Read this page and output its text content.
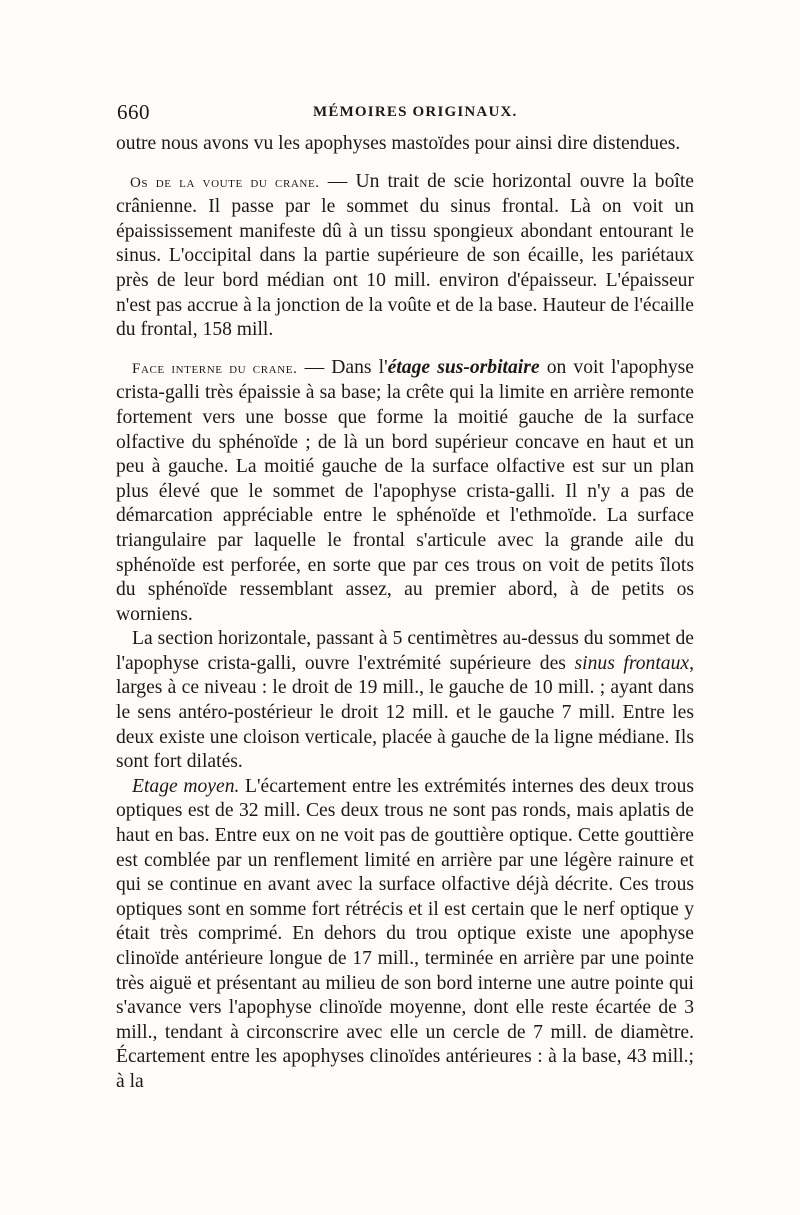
660	MÉMOIRES ORIGINAUX.

outre nous avons vu les apophyses mastoïdes pour ainsi dire distendues.

Os de la voute du crane. — Un trait de scie horizontal ouvre la boîte crânienne. Il passe par le sommet du sinus frontal. Là on voit un épaississement manifeste dû à un tissu spongieux abondant entourant le sinus. L'occipital dans la partie supérieure de son écaille, les pariétaux près de leur bord médian ont 10 mill. environ d'épaisseur. L'épaisseur n'est pas accrue à la jonction de la voûte et de la base. Hauteur de l'écaille du frontal, 158 mill.

Face interne du crane. — Dans l'étage sus-orbitaire on voit l'apophyse crista-galli très épaissie à sa base; la crête qui la limite en arrière remonte fortement vers une bosse que forme la moitié gauche de la surface olfactive du sphénoïde ; de là un bord supérieur concave en haut et un peu à gauche. La moitié gauche de la surface olfactive est sur un plan plus élevé que le sommet de l'apophyse crista-galli. Il n'y a pas de démarcation appréciable entre le sphénoïde et l'ethmoïde. La surface triangulaire par laquelle le frontal s'articule avec la grande aile du sphénoïde est perforée, en sorte que par ces trous on voit de petits îlots du sphénoïde ressemblant assez, au premier abord, à de petits os worniens.

La section horizontale, passant à 5 centimètres au-dessus du sommet de l'apophyse crista-galli, ouvre l'extrémité supérieure des sinus frontaux, larges à ce niveau : le droit de 19 mill., le gauche de 10 mill. ; ayant dans le sens antéro-postérieur le droit 12 mill. et le gauche 7 mill. Entre les deux existe une cloison verticale, placée à gauche de la ligne médiane. Ils sont fort dilatés.

Etage moyen. L'écartement entre les extrémités internes des deux trous optiques est de 32 mill. Ces deux trous ne sont pas ronds, mais aplatis de haut en bas. Entre eux on ne voit pas de gouttière optique. Cette gouttière est comblée par un renflement limité en arrière par une légère rainure et qui se continue en avant avec la surface olfactive déjà décrite. Ces trous optiques sont en somme fort rétrécis et il est certain que le nerf optique y était très comprimé. En dehors du trou optique existe une apophyse clinoïde antérieure longue de 17 mill., terminée en arrière par une pointe très aiguë et présentant au milieu de son bord interne une autre pointe qui s'avance vers l'apophyse clinoïde moyenne, dont elle reste écartée de 3 mill., tendant à circonscrire avec elle un cercle de 7 mill. de diamètre. Écartement entre les apophyses clinoïdes antérieures : à la base, 43 mill.; à la
